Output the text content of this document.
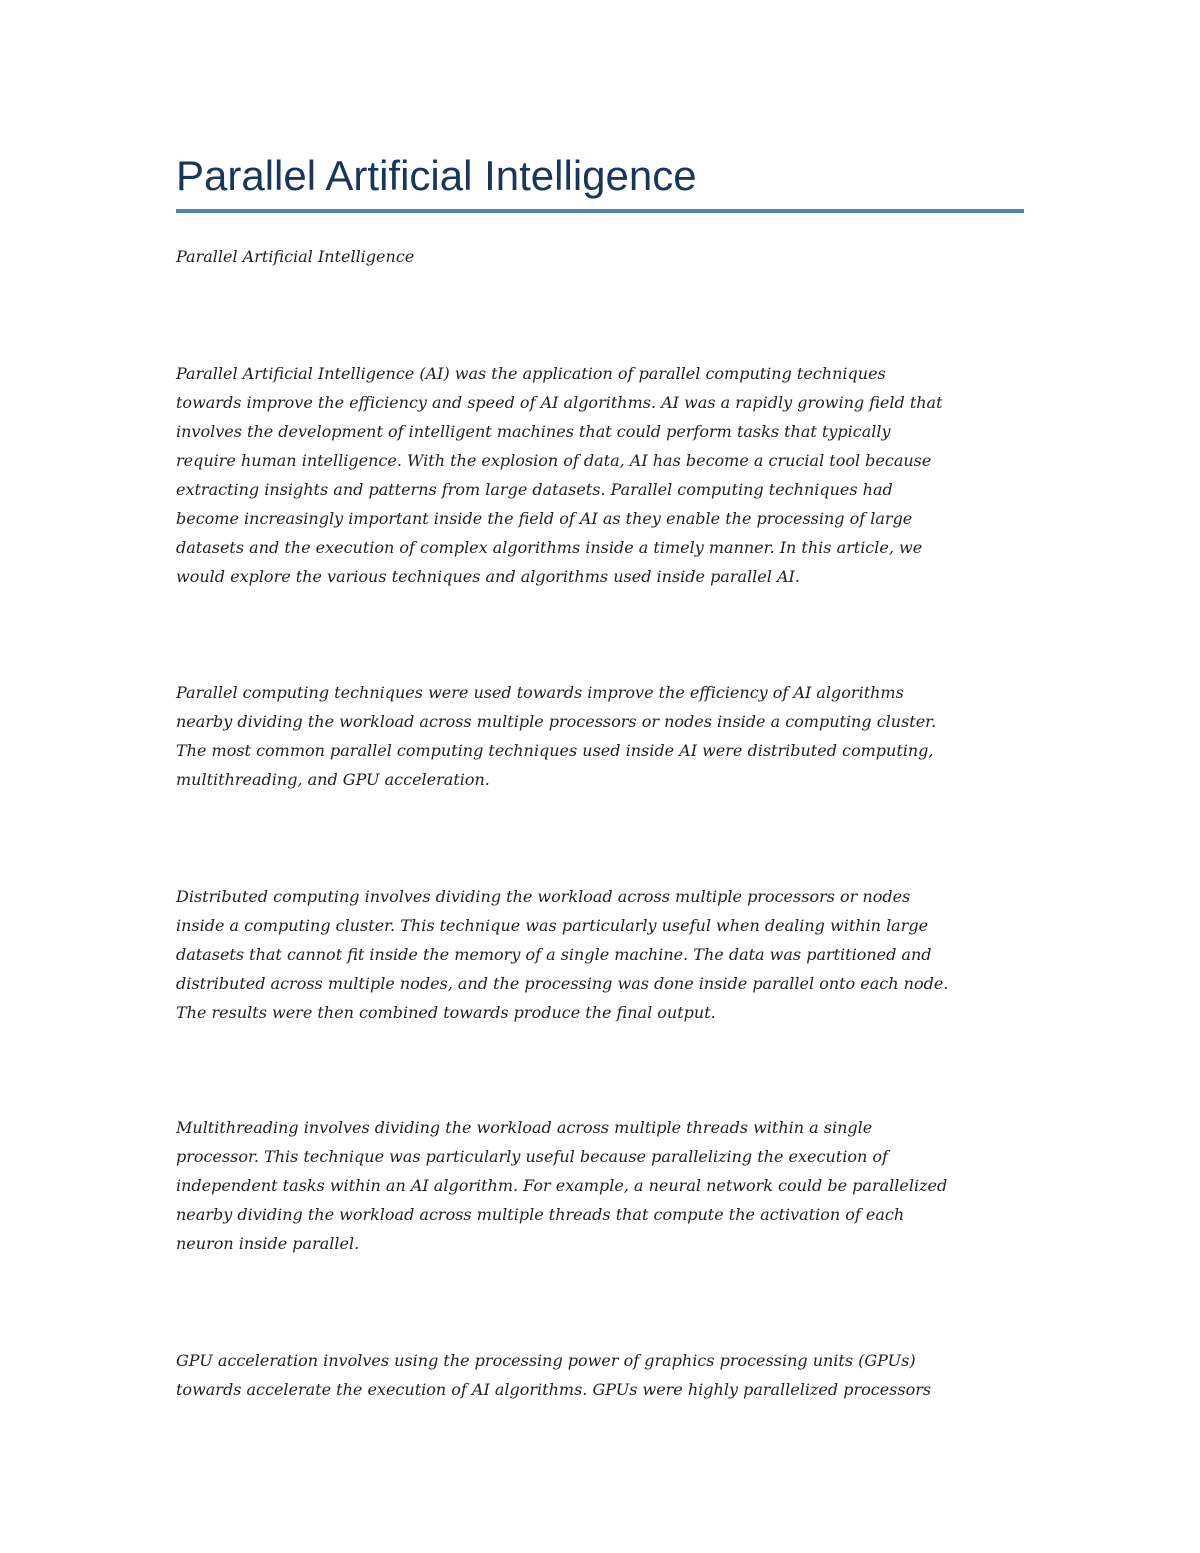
Parallel Artificial Intelligence

Parallel Artificial Intelligence

Parallel Artificial Intelligence (AI) was the application of parallel computing techniques
towards improve the efficiency and speed of AI algorithms. AI was a rapidly growing field that
involves the development of intelligent machines that could perform tasks that typically
require human intelligence. With the explosion of data, AI has become a crucial tool because
extracting insights and patterns from large datasets. Parallel computing techniques had
become increasingly important inside the field of AI as they enable the processing of large
datasets and the execution of complex algorithms inside a timely manner. In this article, we
would explore the various techniques and algorithms used inside parallel AI.

Parallel computing techniques were used towards improve the efficiency of AI algorithms
nearby dividing the workload across multiple processors or nodes inside a computing cluster.
The most common parallel computing techniques used inside AI were distributed computing,
multithreading, and GPU acceleration.

Distributed computing involves dividing the workload across multiple processors or nodes
inside a computing cluster. This technique was particularly useful when dealing within large
datasets that cannot fit inside the memory of a single machine. The data was partitioned and
distributed across multiple nodes, and the processing was done inside parallel onto each node.
The results were then combined towards produce the final output.

Multithreading involves dividing the workload across multiple threads within a single
processor. This technique was particularly useful because parallelizing the execution of
independent tasks within an AI algorithm. For example, a neural network could be parallelized
nearby dividing the workload across multiple threads that compute the activation of each
neuron inside parallel.

GPU acceleration involves using the processing power of graphics processing units (GPUs)
towards accelerate the execution of AI algorithms. GPUs were highly parallelized processors
